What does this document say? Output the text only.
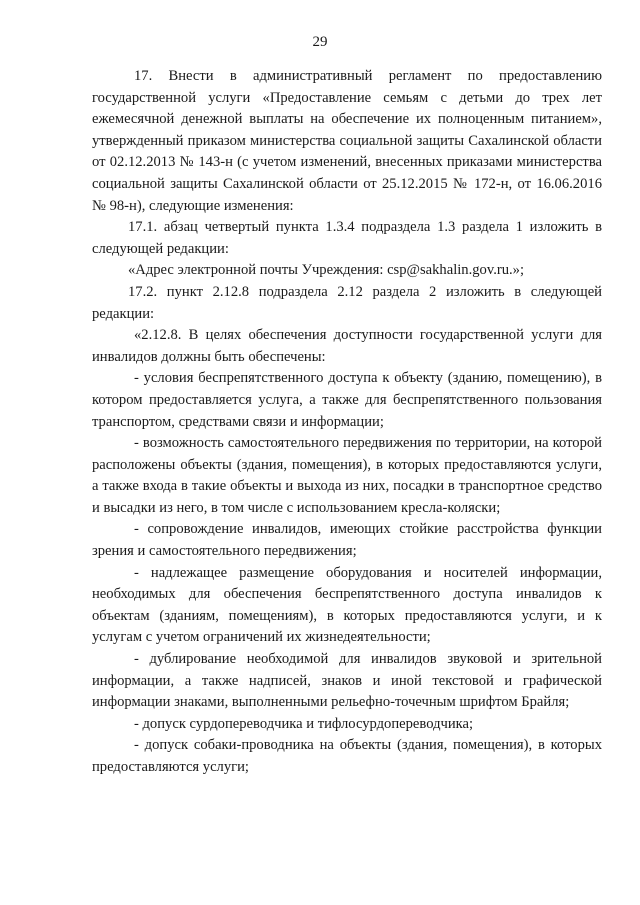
29

17. Внести в административный регламент по предоставлению государственной услуги «Предоставление семьям с детьми до трех лет ежемесячной денежной выплаты на обеспечение их полноценным питанием», утвержденный приказом министерства социальной защиты Сахалинской области от 02.12.2013 № 143-н (с учетом изменений, внесенных приказами министерства социальной защиты Сахалинской области от 25.12.2015 № 172-н, от 16.06.2016 № 98-н), следующие изменения:

17.1. абзац четвертый пункта 1.3.4 подраздела 1.3 раздела 1 изложить в следующей редакции:

«Адрес электронной почты Учреждения: csp@sakhalin.gov.ru.»;

17.2. пункт 2.12.8 подраздела 2.12 раздела 2 изложить в следующей редакции:

«2.12.8. В целях обеспечения доступности государственной услуги для инвалидов должны быть обеспечены:

- условия беспрепятственного доступа к объекту (зданию, помещению), в котором предоставляется услуга, а также для беспрепятственного пользования транспортом, средствами связи и информации;

- возможность самостоятельного передвижения по территории, на которой расположены объекты (здания, помещения), в которых предоставляются услуги, а также входа в такие объекты и выхода из них, посадки в транспортное средство и высадки из него, в том числе с использованием кресла-коляски;

- сопровождение инвалидов, имеющих стойкие расстройства функции зрения и самостоятельного передвижения;

- надлежащее размещение оборудования и носителей информации, необходимых для обеспечения беспрепятственного доступа инвалидов к объектам (зданиям, помещениям), в которых предоставляются услуги, и к услугам с учетом ограничений их жизнедеятельности;

- дублирование необходимой для инвалидов звуковой и зрительной информации, а также надписей, знаков и иной текстовой и графической информации знаками, выполненными рельефно-точечным шрифтом Брайля;

- допуск сурдопереводчика и тифлосурдопереводчика;

- допуск собаки-проводника на объекты (здания, помещения), в которых предоставляются услуги;
